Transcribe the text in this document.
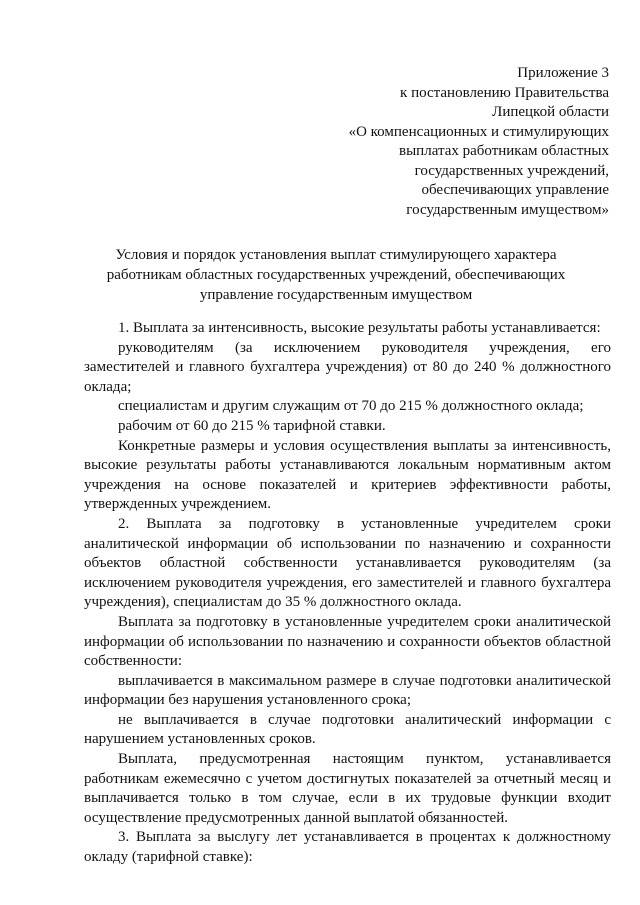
Приложение 3
к постановлению Правительства
Липецкой области
«О компенсационных и стимулирующих
выплатах работникам областных
государственных учреждений,
обеспечивающих управление
государственным имуществом»
Условия и порядок установления выплат стимулирующего характера
работникам областных государственных учреждений, обеспечивающих
управление государственным имуществом

1. Выплата за интенсивность, высокие результаты работы устанавливается:

руководителям (за исключением руководителя учреждения, его заместителей и главного бухгалтера учреждения) от 80 до 240 % должностного оклада;

специалистам и другим служащим от 70 до 215 % должностного оклада;

рабочим от 60 до 215 % тарифной ставки.

Конкретные размеры и условия осуществления выплаты за интенсивность, высокие результаты работы устанавливаются локальным нормативным актом учреждения на основе показателей и критериев эффективности работы, утвержденных учреждением.

2. Выплата за подготовку в установленные учредителем сроки аналитической информации об использовании по назначению и сохранности объектов областной собственности устанавливается руководителям (за исключением руководителя учреждения, его заместителей и главного бухгалтера учреждения), специалистам до 35 % должностного оклада.

Выплата за подготовку в установленные учредителем сроки аналитической информации об использовании по назначению и сохранности объектов областной собственности:

выплачивается в максимальном размере в случае подготовки аналитической информации без нарушения установленного срока;

не выплачивается в случае подготовки аналитический информации с нарушением установленных сроков.

Выплата, предусмотренная настоящим пунктом, устанавливается работникам ежемесячно с учетом достигнутых показателей за отчетный месяц и выплачивается только в том случае, если в их трудовые функции входит осуществление предусмотренных данной выплатой обязанностей.

3. Выплата за выслугу лет устанавливается в процентах к должностному окладу (тарифной ставке):
